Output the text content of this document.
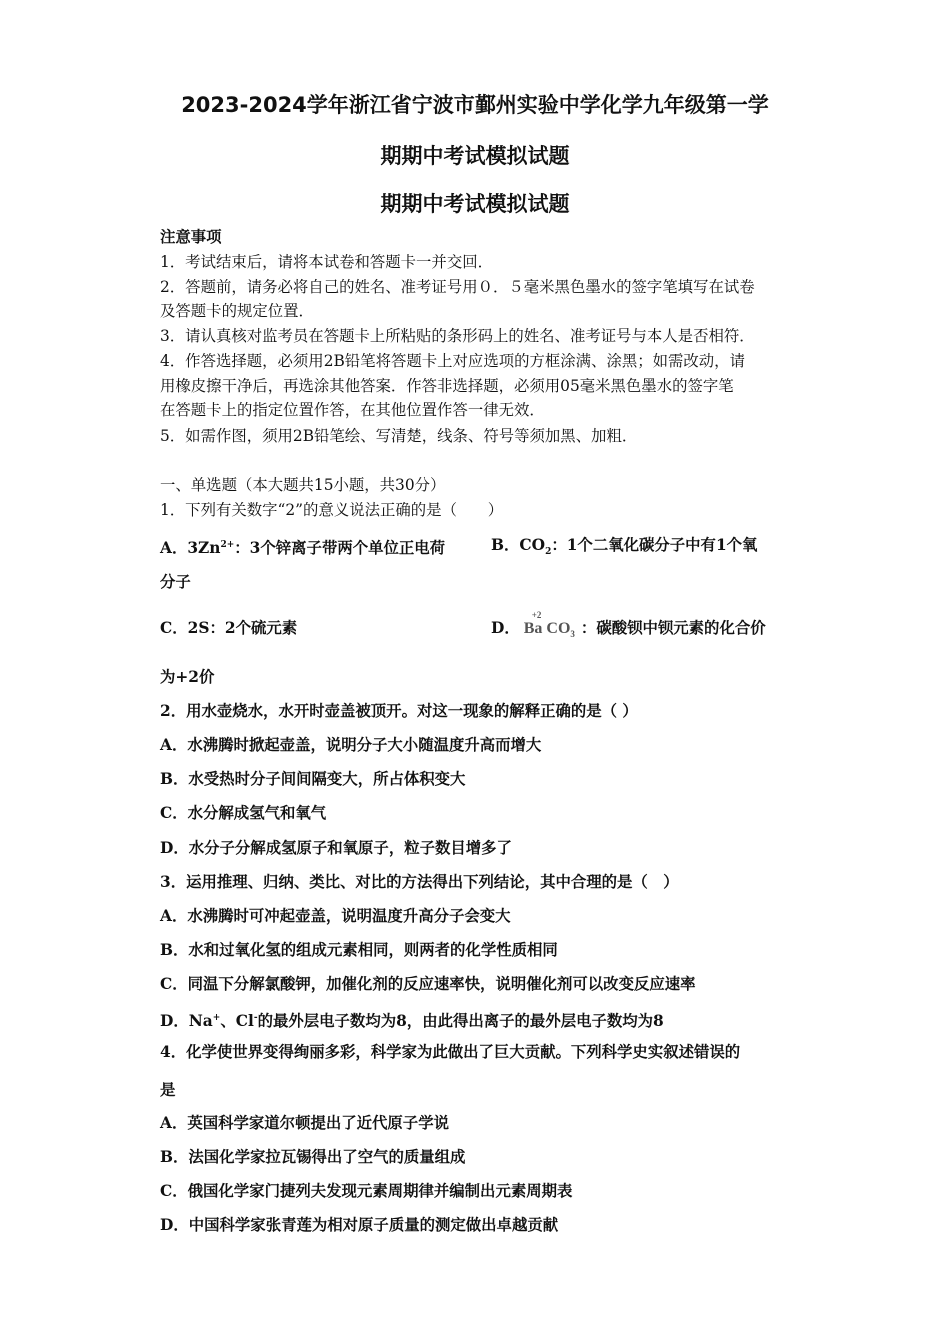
2023-2024学年浙江省宁波市鄞州实验中学化学九年级第一学
期期中考试模拟试题
期期中考试模拟试题
注意事项
1．考试结束后，请将本试卷和答题卡一并交回．
2．答题前，请务必将自己的姓名、准考证号用０．５毫米黑色墨水的签字笔填写在试卷
及答题卡的规定位置．
3．请认真核对监考员在答题卡上所粘贴的条形码上的姓名、准考证号与本人是否相符．
4．作答选择题，必须用2B铅笔将答题卡上对应选项的方框涂满、涂黑；如需改动，请
用橡皮擦干净后，再选涂其他答案．作答非选择题，必须用05毫米黑色墨水的签字笔
在答题卡上的指定位置作答，在其他位置作答一律无效．
5．如需作图，须用2B铅笔绘、写清楚，线条、符号等须加黑、加粗．
一、单选题（本大题共15小题，共30分）
1．下列有关数字“2”的意义说法正确的是（　　）
A．$3Zn^{2+}$：3个锌离子带两个单位正电荷	B．$CO_2$：1个二氧化碳分子中有1个氧
分子
C．2S：2个硫元素	D．
+2
Ba $CO_3$ ：碳酸钡中钡元素的化合价
为+2价
2．用水壶烧水，水开时壶盖被顶开。对这一现象的解释正确的是（ ）
A．水沸腾时掀起壶盖，说明分子大小随温度升高而增大
B．水受热时分子间间隔变大，所占体积变大
C．水分解成氢气和氧气
D．水分子分解成氢原子和氧原子，粒子数目增多了
3．运用推理、归纳、类比、对比的方法得出下列结论，其中合理的是（　）
A．水沸腾时可冲起壶盖，说明温度升高分子会变大
B．水和过氧化氢的组成元素相同，则两者的化学性质相同
C．同温下分解氯酸钾，加催化剂的反应速率快，说明催化剂可以改变反应速率
D．Na+、Cl-的最外层电子数均为8，由此得出离子的最外层电子数均为8
4．化学使世界变得绚丽多彩，科学家为此做出了巨大贡献。下列科学史实叙述错误的
是
A．英国科学家道尔顿提出了近代原子学说
B．法国化学家拉瓦锡得出了空气的质量组成
C．俄国化学家门捷列夫发现元素周期律并编制出元素周期表
D．中国科学家张青莲为相对原子质量的测定做出卓越贡献
